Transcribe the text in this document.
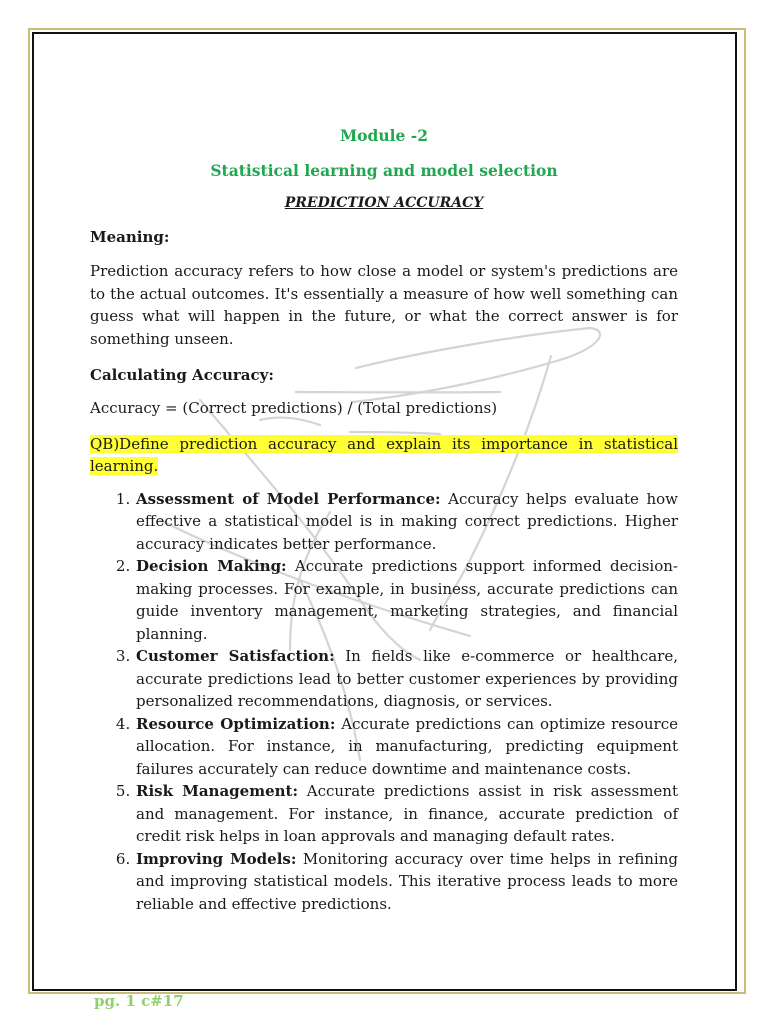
Module -2

Statistical learning and model selection

PREDICTION ACCURACY

Meaning:

Prediction accuracy refers to how close a model or system's predictions are to the actual outcomes. It's essentially a measure of how well something can guess what will happen in the future, or what the correct answer is for something unseen.

Calculating Accuracy:

Accuracy = (Correct predictions) / (Total predictions)

QB)Define prediction accuracy and explain its importance in statistical learning.

1. Assessment of Model Performance: Accuracy helps evaluate how effective a statistical model is in making correct predictions. Higher accuracy indicates better performance.
2. Decision Making: Accurate predictions support informed decision-making processes. For example, in business, accurate predictions can guide inventory management, marketing strategies, and financial planning.
3. Customer Satisfaction: In fields like e-commerce or healthcare, accurate predictions lead to better customer experiences by providing personalized recommendations, diagnosis, or services.
4. Resource Optimization: Accurate predictions can optimize resource allocation. For instance, in manufacturing, predicting equipment failures accurately can reduce downtime and maintenance costs.
5. Risk Management: Accurate predictions assist in risk assessment and management. For instance, in finance, accurate prediction of credit risk helps in loan approvals and managing default rates.
6. Improving Models: Monitoring accuracy over time helps in refining and improving statistical models. This iterative process leads to more reliable and effective predictions.
pg. 1 c#17
